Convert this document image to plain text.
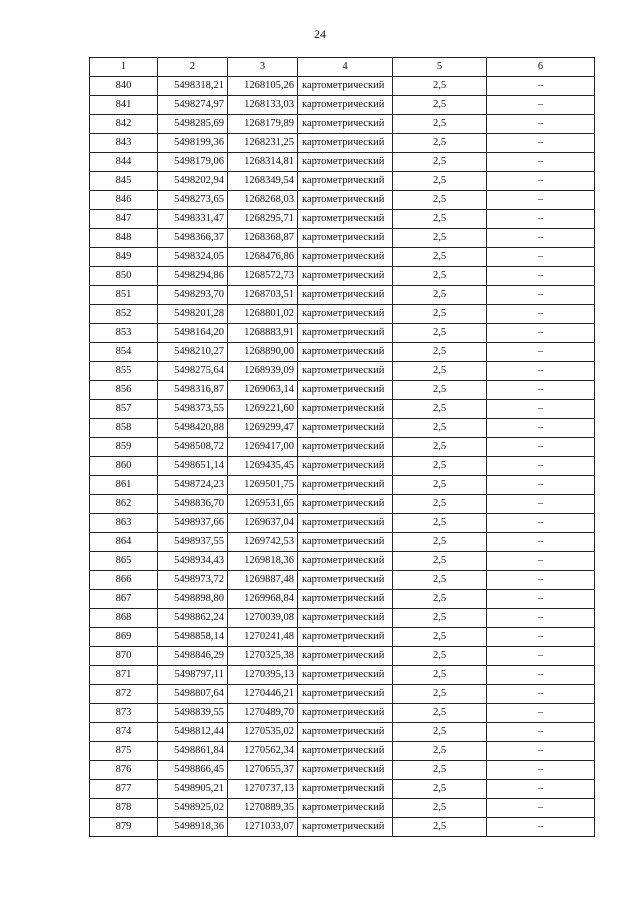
24
1	2	3	4	5	6
840	5498318,21	1268105,26	картометрический	2,5	–
841	5498274,97	1268133,03	картометрический	2,5	–
842	5498285,69	1268179,89	картометрический	2,5	–
843	5498199,36	1268231,25	картометрический	2,5	–
844	5498179,06	1268314,81	картометрический	2,5	–
845	5498202,94	1268349,54	картометрический	2,5	–
846	5498273,65	1268268,03	картометрический	2,5	–
847	5498331,47	1268295,71	картометрический	2,5	–
848	5498366,37	1268368,87	картометрический	2,5	–
849	5498324,05	1268476,86	картометрический	2,5	–
850	5498294,86	1268572,73	картометрический	2,5	–
851	5498293,70	1268703,51	картометрический	2,5	–
852	5498201,28	1268801,02	картометрический	2,5	–
853	5498164,20	1268883,91	картометрический	2,5	–
854	5498210,27	1268890,00	картометрический	2,5	–
855	5498275,64	1268939,09	картометрический	2,5	–
856	5498316,87	1269063,14	картометрический	2,5	–
857	5498373,55	1269221,60	картометрический	2,5	–
858	5498420,88	1269299,47	картометрический	2,5	–
859	5498508,72	1269417,00	картометрический	2,5	–
860	5498651,14	1269435,45	картометрический	2,5	–
861	5498724,23	1269501,75	картометрический	2,5	–
862	5498836,70	1269531,65	картометрический	2,5	–
863	5498937,66	1269637,04	картометрический	2,5	–
864	5498937,55	1269742,53	картометрический	2,5	–
865	5498934,43	1269818,36	картометрический	2,5	–
866	5498973,72	1269887,48	картометрический	2,5	–
867	5498898,80	1269968,84	картометрический	2,5	–
868	5498862,24	1270039,08	картометрический	2,5	–
869	5498858,14	1270241,48	картометрический	2,5	–
870	5498846,29	1270325,38	картометрический	2,5	–
871	5498797,11	1270395,13	картометрический	2,5	–
872	5498807,64	1270446,21	картометрический	2,5	–
873	5498839,55	1270489,70	картометрический	2,5	–
874	5498812,44	1270535,02	картометрический	2,5	–
875	5498861,84	1270562,34	картометрический	2,5	–
876	5498866,45	1270655,37	картометрический	2,5	–
877	5498905,21	1270737,13	картометрический	2,5	–
878	5498925,02	1270889,35	картометрический	2,5	–
879	5498918,36	1271033,07	картометрический	2,5	–
